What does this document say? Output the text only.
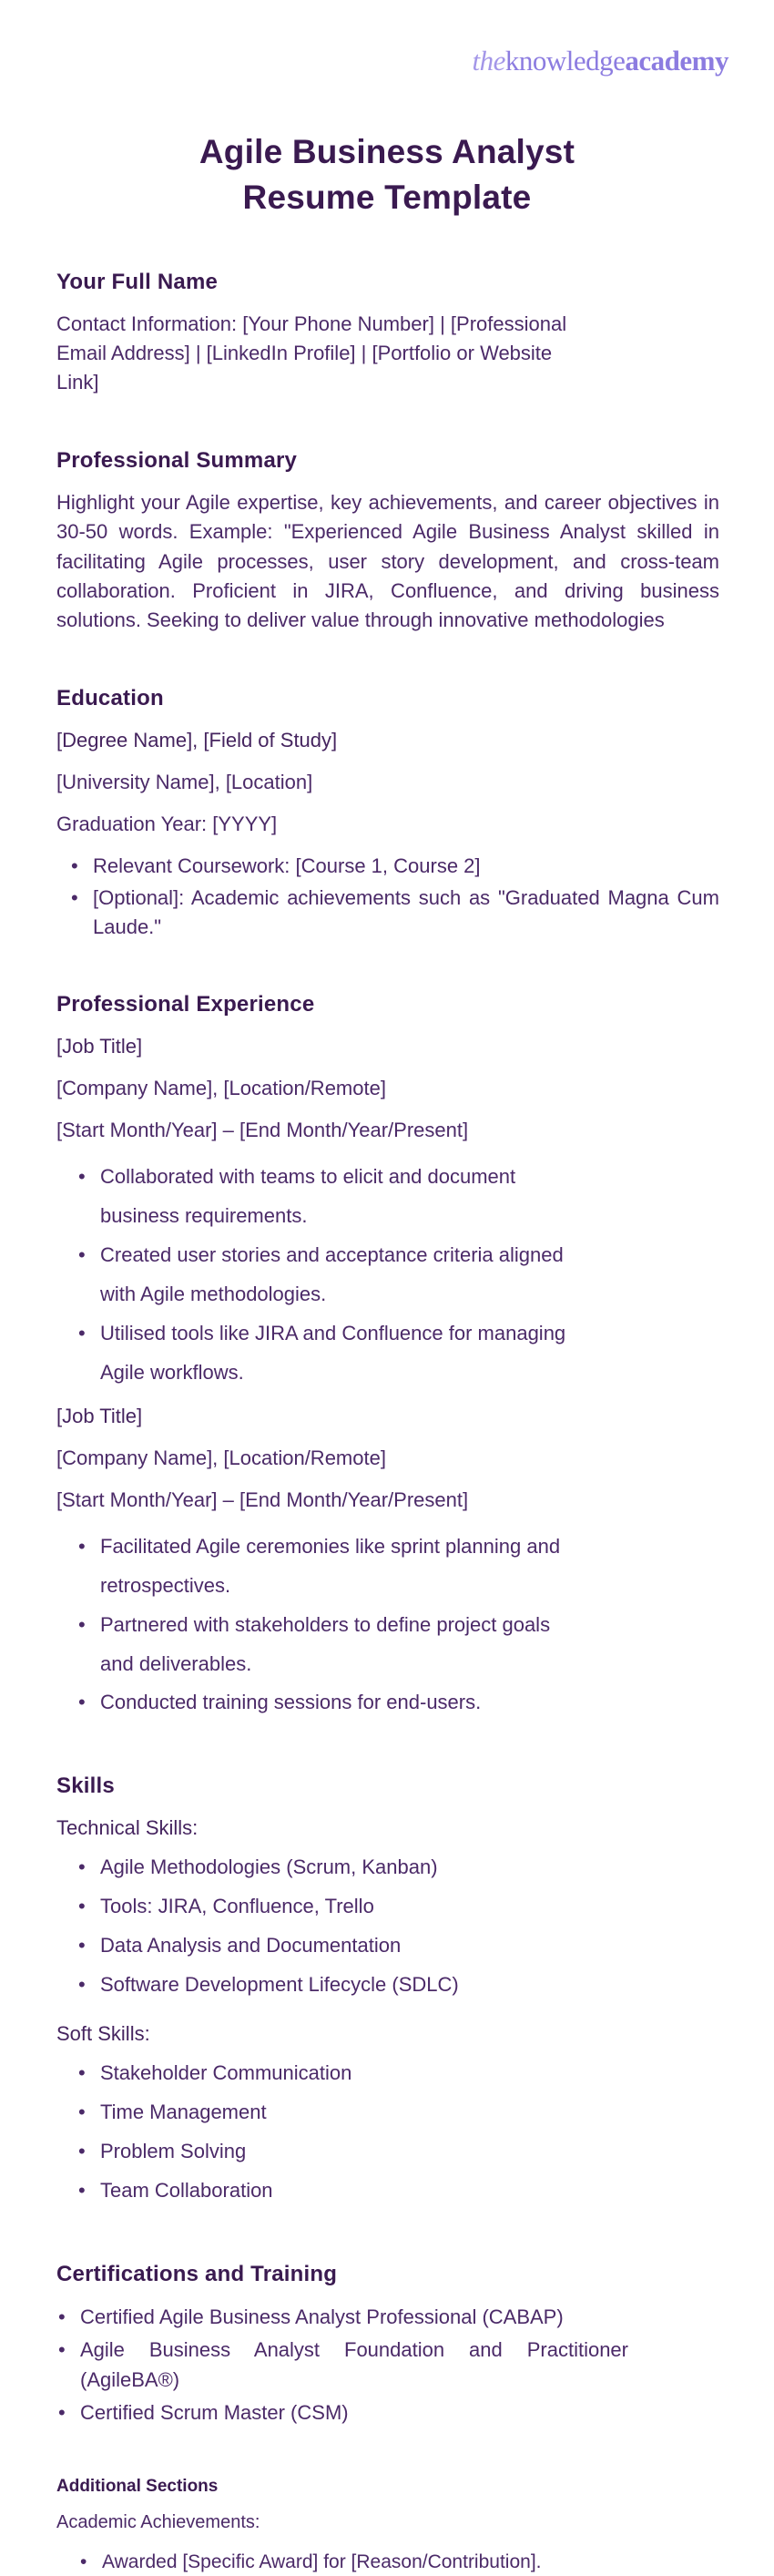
theknowledgeacademy
Agile Business Analyst
Resume Template
Your Full Name

Contact Information: [Your Phone Number] | [Professional Email Address] | [LinkedIn Profile] | [Portfolio or Website Link]

Professional Summary

Highlight your Agile expertise, key achievements, and career objectives in 30-50 words. Example: "Experienced Agile Business Analyst skilled in facilitating Agile processes, user story development, and cross-team collaboration. Proficient in JIRA, Confluence, and driving business solutions. Seeking to deliver value through innovative methodologies

Education

[Degree Name], [Field of Study]

[University Name], [Location]

Graduation Year: [YYYY]

• Relevant Coursework: [Course 1, Course 2]
• [Optional]: Academic achievements such as "Graduated Magna Cum Laude."
Professional Experience

[Job Title]

[Company Name], [Location/Remote]

[Start Month/Year] – [End Month/Year/Present]

• Collaborated with teams to elicit and document business requirements.
• Created user stories and acceptance criteria aligned with Agile methodologies.
• Utilised tools like JIRA and Confluence for managing Agile workflows.

[Job Title]

[Company Name], [Location/Remote]

[Start Month/Year] – [End Month/Year/Present]

• Facilitated Agile ceremonies like sprint planning and retrospectives.
• Partnered with stakeholders to define project goals and deliverables.
• Conducted training sessions for end-users.
Skills

Technical Skills:

• Agile Methodologies (Scrum, Kanban)
• Tools: JIRA, Confluence, Trello
• Data Analysis and Documentation
• Software Development Lifecycle (SDLC)

Soft Skills:

• Stakeholder Communication
• Time Management
• Problem Solving
• Team Collaboration
Certifications and Training
• Certified Agile Business Analyst Professional (CABAP)
• Agile Business Analyst Foundation and Practitioner (AgileBA®)
• Certified Scrum Master (CSM)
Additional Sections

Academic Achievements:

• Awarded [Specific Award] for [Reason/Contribution].
